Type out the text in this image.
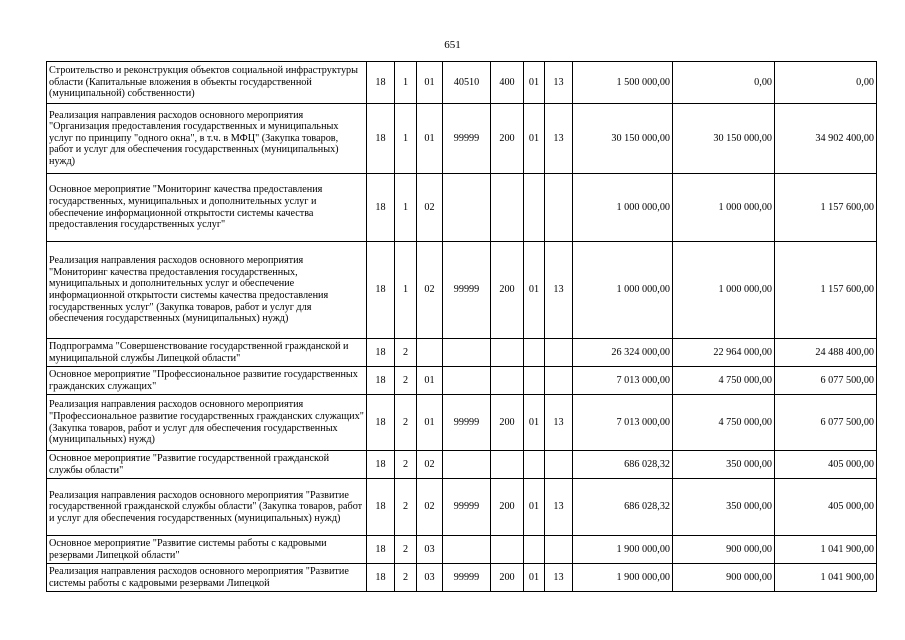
651
Строительство и реконструкция объектов социальной инфраструктуры области (Капитальные вложения в объекты государственной (муниципальной) собственности)	18	1	01	40510	400	01	13	1 500 000,00	0,00	0,00
Реализация направления расходов основного мероприятия "Организация предоставления государственных и муниципальных услуг по принципу "одного окна", в т.ч. в МФЦ" (Закупка товаров, работ и услуг для обеспечения государственных (муниципальных) нужд)	18	1	01	99999	200	01	13	30 150 000,00	30 150 000,00	34 902 400,00
Основное мероприятие "Мониторинг качества предоставления государственных, муниципальных и дополнительных услуг и обеспечение информационной открытости системы качества предоставления государственных услуг"	18	1	02					1 000 000,00	1 000 000,00	1 157 600,00
Реализация направления расходов основного мероприятия "Мониторинг качества предоставления государственных, муниципальных и дополнительных услуг и обеспечение информационной открытости системы качества предоставления государственных услуг" (Закупка товаров, работ и услуг для обеспечения государственных (муниципальных) нужд)	18	1	02	99999	200	01	13	1 000 000,00	1 000 000,00	1 157 600,00
Подпрограмма "Совершенствование государственной гражданской и муниципальной службы Липецкой области"	18	2						26 324 000,00	22 964 000,00	24 488 400,00
Основное мероприятие "Профессиональное развитие государственных гражданских служащих"	18	2	01					7 013 000,00	4 750 000,00	6 077 500,00
Реализация направления расходов основного мероприятия "Профессиональное развитие государственных гражданских служащих" (Закупка товаров, работ и услуг для обеспечения государственных (муниципальных) нужд)	18	2	01	99999	200	01	13	7 013 000,00	4 750 000,00	6 077 500,00
Основное мероприятие "Развитие государственной гражданской службы области"	18	2	02					686 028,32	350 000,00	405 000,00
Реализация направления расходов основного мероприятия "Развитие государственной гражданской службы области" (Закупка товаров, работ и услуг для обеспечения государственных (муниципальных) нужд)	18	2	02	99999	200	01	13	686 028,32	350 000,00	405 000,00
Основное мероприятие "Развитие системы работы с кадровыми резервами Липецкой области"	18	2	03					1 900 000,00	900 000,00	1 041 900,00
Реализация направления расходов основного мероприятия "Развитие системы работы с кадровыми резервами Липецкой	18	2	03	99999	200	01	13	1 900 000,00	900 000,00	1 041 900,00
